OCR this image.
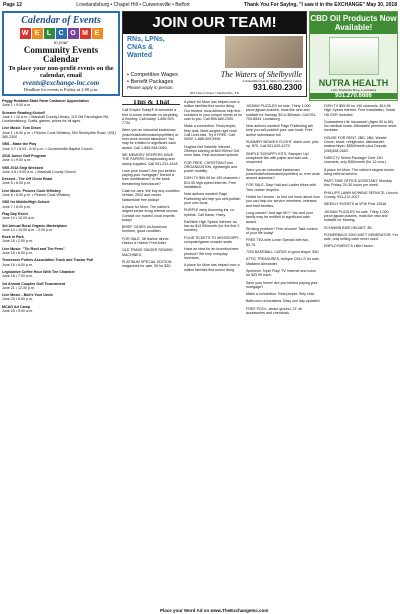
Page 12	Lovelandsburg • Chapel Hill • Curwensville • Belfort	Thank You For Saying, "I saw it in the EXCHANGE" May 30, 2018
Calendar of Events
W E	L	C O M E
to your
Community Events Calendar
To place your non-profit events on the calendar, email
events@exchange-inc.com
Deadline for events is Friday at 2:00 p.m.
Peggy Hubbard State Farm Customer Appreciation
June 1 • 9:00 a.m.
Summer Reading Kickoff
June 1 • 10 a.m. • Marshall County Library, 119 Old Farmington Rd, Lovelandsburg. Crafts, games, prizes for all ages.
Live Music: Tom Dixon
June 1 • 6:00 p.m. • Pickers Cook Whiskey, 594 Shelbyville Road. (931) 380-2300
VBS - Make the Play
June 3-7 • 6:00 - 8:30 p.m. • Curwensville Baptist Church
2018 Junior Golf Program
June 4 • 9:00 a.m.
VBS 2018 Ship Wrecked
June 4-8 • 9:00 a.m. • Marshall County Church
Dessert - The Off Circle Road
June 5 • 6:00 p.m.
Live Music: Pickers Cook Whiskey
June 6 • 6:00 p.m. • Pickers Cook Whiskey
VBS for Middle/High School
June 7 • 6:00 p.m.
Flag Day Event
June 14 • 10:00 a.m.
3rd Annual Rural Organic Marketplace
June 14 • 10:00 a.m. - 2:00 p.m.
Rock in Park
June 16 • 2:00 p.m.
Live Music: "Tin Roof and The Pens"
June 16 • 6:00 p.m.
Tennessee Pullers Association Truck and Tractor Pull
June 16 • 6:00 p.m.
Legislative Coffee Hour With The Chamber
June 18 • 7:00 a.m.
1st Annual Couples Golf Tournament
June 21 • 12:30 p.m.
Live Music - Bob's Your Uncle
June 23 • 6:00 p.m.
MCAG Art Camp
June 25 • 9:00 a.m.
JOIN OUR TEAM!
RNs, LPNs,
CNAs &
Wanted
• Competitive Wages
• Benefit Packages
Please apply in person.
The Waters of Shelbyville
A Rehabilitation & Skilled Nursing Center
931.680.2300
835 Union Street • Shelbyville, TN
CBD Oil Products Now Available!
NUTRA HEALTH
1101 Nashville Hwy, Lewisburg
931.270.6686
This & That

Call Empire Today® to schedule a free in-home estimate on carpeting & flooring. Call today! 1-855-929-7734.

Were you an industrial tradesman (machinist/boilermaker/pipefitter) or, ever work around asbestos? You may be entitled to significant cash award. Call 1-855-548-0059.

WE MEMORY KEEPERS HAVE THE PAPERS Scrapbooking and stamp supplies. Call 931-231-4418.

Lose your house? Are you behind paying your mortgage? Denied a loan modification? Is the bank threatening foreclosure?

Cash for cars: We buy any condition vehicle, 2002 and newer. Nationwide free pickup!

A place for Mom. The nation's largest senior living referral service. Contact our trusted, local experts today!

BRIEF CASES an American furniture, good condition.

FOR SALE, 36 Harbor dinner, Harbor & Harbor Fred Adler.

OLD TRADE SINGER SEWING MACHINES.

PLATINUM SPECIAL EDITION magazines for sale, 50 for $20.

A place for Mom has helped over a million families find senior living. Our trusted, local advisors help find solutions to your unique needs at no cost to you. Call 855-680-2300.

Make a connection. Real people, flirty chat. Meet singles right now! Call LiveLinks. Try it FREE. Call NOW: 1-888-909-9905.

Hughes Net Satellite Internet - 25mbps starting at $49.99/mo! Get more data. Fast download speeds.

FOR FREE, CHRISTIAN Fund ORGANIZATION, lightweight and power mobility.

DISH TV $59.99 for 190 channels + $14.95 high speed internet. Free installation.

Now authors wanted! Page Publishing will help you self-publish your own book.

PURPLE early blooming iris, no hybrids. Call Karan, Harry.

Earthlink High Speed Internet. As low as $14.95/month (for the first 3 months).

FOUR TICKETS TO MISSISSIPPI - computer/game console seats.

Have an idea for an invention/new product? We help everyday inventors.

A place for Mom has helped over a million families find senior living.

JIGSAW PUZZLES for sale. Thirty 1,000 piece jigsaw puzzles, most like new and suitable for framing. $3 to $5/each. Call 931-703-8543, Lewisburg.

Now authors wanted! Page Publishing will help you self-publish your own book. Free author submission kit!

SUMMER WEAVES FLIGHT, starts over, pick up, $75. Call 931-625-4279.

SIMPLE SCRAPPY KITS, Stampin' Up! scrapbook kits with paper and add-ons, unopened.

Were you an industrial tradesman (machinist/boilermaker/pipefitter) or, ever work around asbestos?

FOR SALE, Dayr Hall and Ladies bikes with Trek cruiser tricycles.

Hotels for Heroes - to find out more about how you can help our service members, veterans and their families.

Lung cancer? And age 60+? You and your family may be entitled to significant cash award.

Stroking problem? Free shower! Take control of your life today!

FREE TEA with Lunch Special with two, $3.75.

7200 BASEBALL CARDS in good shape, $30.

ATTIC TREASURES, Antique DOLLS for sale, Madame Alexander.

Spectrum Triple Play! TV, Internet and voice for $29.99 each.

Save your home! Are you behind paying your mortgage?

Make a connection. Real people, flirty chat.

Bathroom renovations. Easy one day updates!

FREE POOL, above ground, 21' all accessories and chemicals.

DISH TV $59.99 for 190 channels. $14.95 High Speed Internet. Free Installation, Smart HD DVR Included.

Guaranteed Life Insurance! (Ages 50 to 80). No medical exam. Affordable premiums never increase.

HOUSE FOR RENT, 2BD, 2BA, Westel Grove, stove, refrigerator, dishwasher, washer/dryer. $850/month plus Deposit. (256)458-0483.

DIRECTV Select Package! Over 150 channels, only $35/month (for 12 mos.).

A place for Mom. The nation's largest senior living referral service.

PART-TIME OFFICE ASSISTANT. Monday thru Friday. 20-30 hours per week.

PHILLIPS LAWN MOWING SERVICE, Lincoln County. 931-212-2027.

WEEKLY EVENTS at VFW Post 12048.

JIGSAW PUZZLES for sale. Thirty 1,000 piece jigsaw puzzles, most like new and suitable for framing.

SCHWINN BIKE HELMET, $5.

POWERBACK 2000 WATT GENERATOR. For sale, only selling cash never used.

EMPLOYMENT: A Little Haven.

Place your Word Ad on www.TheExchangeInc.com
